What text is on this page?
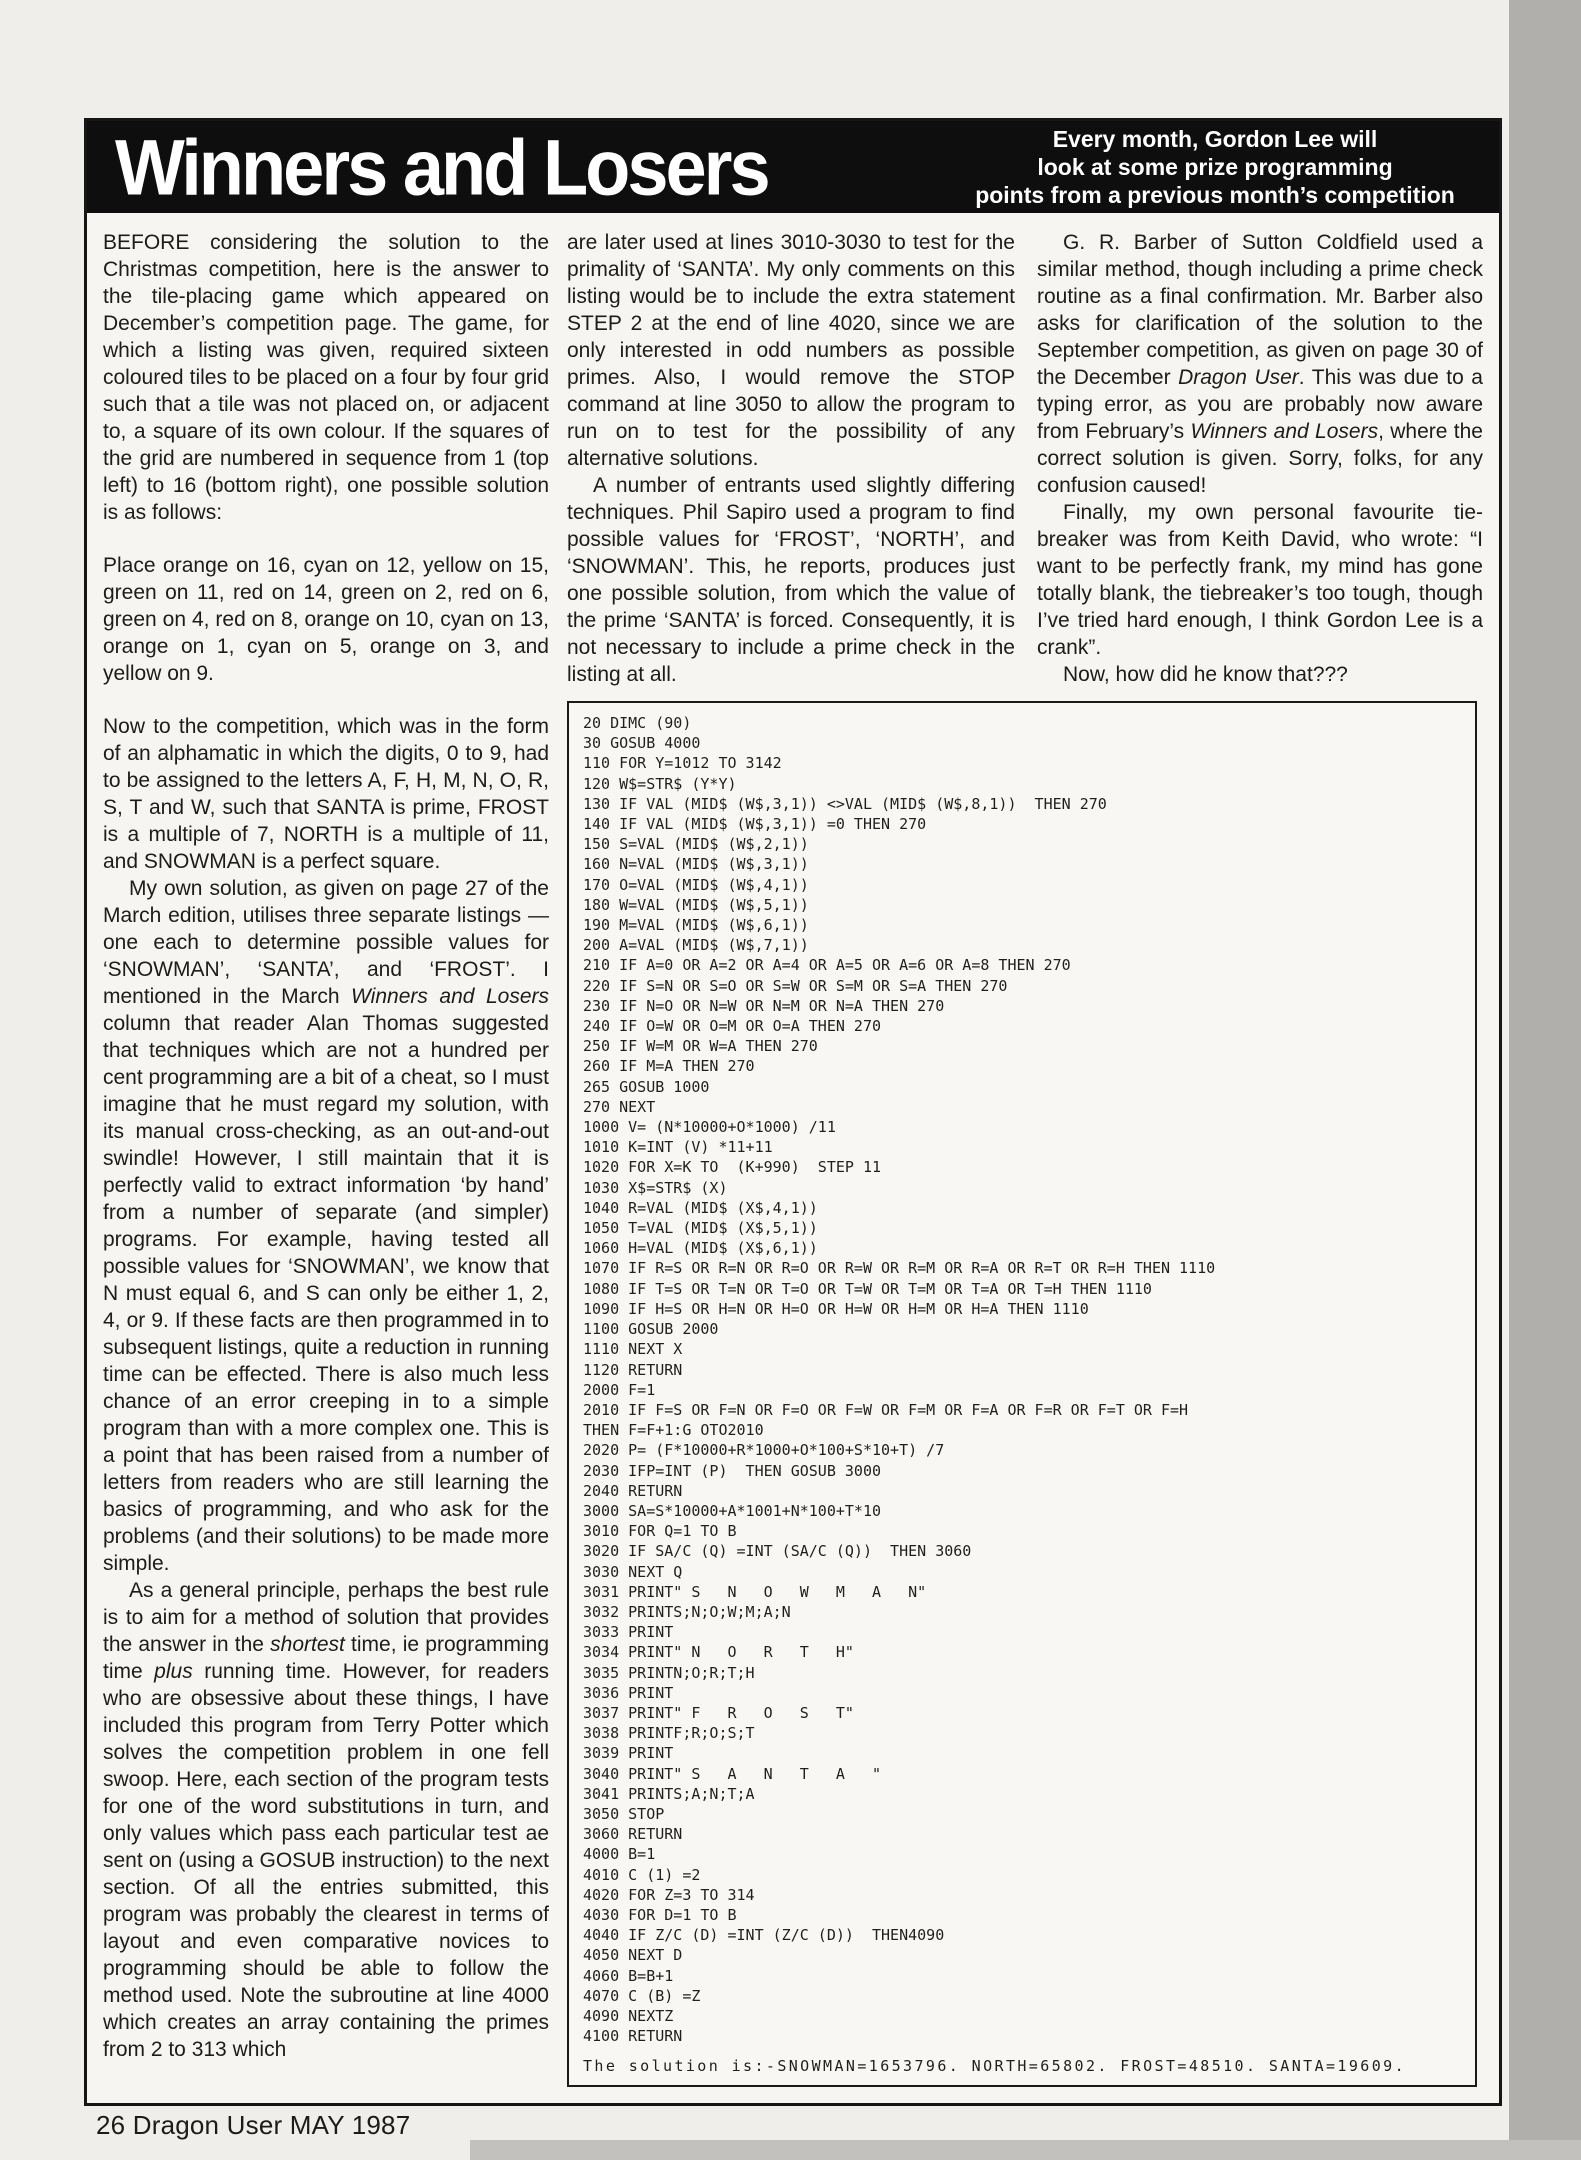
Winners and Losers	Every month, Gordon Lee will
look at some prize programming
points from a previous month’s competition

BEFORE considering the solution to the Christmas competition, here is the answer to the tile-placing game which appeared on December’s competition page. The game, for which a listing was given, required sixteen coloured tiles to be placed on a four by four grid such that a tile was not placed on, or adjacent to, a square of its own colour. If the squares of the grid are numbered in sequence from 1 (top left) to 16 (bottom right), one possible solution is as follows:

Place orange on 16, cyan on 12, yellow on 15, green on 11, red on 14, green on 2, red on 6, green on 4, red on 8, orange on 10, cyan on 13, orange on 1, cyan on 5, orange on 3, and yellow on 9.

Now to the competition, which was in the form of an alphamatic in which the digits, 0 to 9, had to be assigned to the letters A, F, H, M, N, O, R, S, T and W, such that SANTA is prime, FROST is a multiple of 7, NORTH is a multiple of 11, and SNOWMAN is a perfect square.

My own solution, as given on page 27 of the March edition, utilises three separate listings — one each to determine possible values for ‘SNOWMAN’, ‘SANTA’, and ‘FROST’. I mentioned in the March Winners and Losers column that reader Alan Thomas suggested that techniques which are not a hundred per cent programming are a bit of a cheat, so I must imagine that he must regard my solution, with its manual cross-checking, as an out-and-out swindle! However, I still maintain that it is perfectly valid to extract information ‘by hand’ from a number of separate (and simpler) programs. For example, having tested all possible values for ‘SNOWMAN’, we know that N must equal 6, and S can only be either 1, 2, 4, or 9. If these facts are then programmed in to subsequent listings, quite a reduction in running time can be effected. There is also much less chance of an error creeping in to a simple program than with a more complex one. This is a point that has been raised from a number of letters from readers who are still learning the basics of programming, and who ask for the problems (and their solutions) to be made more simple.

As a general principle, perhaps the best rule is to aim for a method of solution that provides the answer in the shortest time, ie programming time plus running time. However, for readers who are obsessive about these things, I have included this program from Terry Potter which solves the competition problem in one fell swoop. Here, each section of the program tests for one of the word substitutions in turn, and only values which pass each particular test ae sent on (using a GOSUB instruction) to the next section. Of all the entries submitted, this program was probably the clearest in terms of layout and even comparative novices to programming should be able to follow the method used. Note the subroutine at line 4000 which creates an array containing the primes from 2 to 313 which

are later used at lines 3010-3030 to test for the primality of ‘SANTA’. My only comments on this listing would be to include the extra statement STEP 2 at the end of line 4020, since we are only interested in odd numbers as possible primes. Also, I would remove the STOP command at line 3050 to allow the program to run on to test for the possibility of any alternative solutions.

A number of entrants used slightly differing techniques. Phil Sapiro used a program to find possible values for ‘FROST’, ‘NORTH’, and ‘SNOWMAN’. This, he reports, produces just one possible solution, from which the value of the prime ‘SANTA’ is forced. Consequently, it is not necessary to include a prime check in the listing at all.

G. R. Barber of Sutton Coldfield used a similar method, though including a prime check routine as a final confirmation. Mr. Barber also asks for clarification of the solution to the September competition, as given on page 30 of the December Dragon User. This was due to a typing error, as you are probably now aware from February’s Winners and Losers, where the correct solution is given. Sorry, folks, for any confusion caused!

Finally, my own personal favourite tie-breaker was from Keith David, who wrote: “I want to be perfectly frank, my mind has gone totally blank, the tiebreaker’s too tough, though I’ve tried hard enough, I think Gordon Lee is a crank”.

Now, how did he know that???

20 DIMC (90)
30 GOSUB 4000
110 FOR Y=1012 TO 3142
120 W$=STR$ (Y*Y)
130 IF VAL (MID$ (W$,3,1)) <>VAL (MID$ (W$,8,1))  THEN 270
140 IF VAL (MID$ (W$,3,1)) =0 THEN 270
150 S=VAL (MID$ (W$,2,1))
160 N=VAL (MID$ (W$,3,1))
170 O=VAL (MID$ (W$,4,1))
180 W=VAL (MID$ (W$,5,1))
190 M=VAL (MID$ (W$,6,1))
200 A=VAL (MID$ (W$,7,1))
210 IF A=0 OR A=2 OR A=4 OR A=5 OR A=6 OR A=8 THEN 270
220 IF S=N OR S=O OR S=W OR S=M OR S=A THEN 270
230 IF N=O OR N=W OR N=M OR N=A THEN 270
240 IF O=W OR O=M OR O=A THEN 270
250 IF W=M OR W=A THEN 270
260 IF M=A THEN 270
265 GOSUB 1000
270 NEXT
1000 V= (N*10000+O*1000) /11
1010 K=INT (V) *11+11
1020 FOR X=K TO  (K+990)  STEP 11
1030 X$=STR$ (X)
1040 R=VAL (MID$ (X$,4,1))
1050 T=VAL (MID$ (X$,5,1))
1060 H=VAL (MID$ (X$,6,1))
1070 IF R=S OR R=N OR R=O OR R=W OR R=M OR R=A OR R=T OR R=H THEN 1110
1080 IF T=S OR T=N OR T=O OR T=W OR T=M OR T=A OR T=H THEN 1110
1090 IF H=S OR H=N OR H=O OR H=W OR H=M OR H=A THEN 1110
1100 GOSUB 2000
1110 NEXT X
1120 RETURN
2000 F=1
2010 IF F=S OR F=N OR F=O OR F=W OR F=M OR F=A OR F=R OR F=T OR F=H
THEN F=F+1:G OTO2010
2020 P= (F*10000+R*1000+O*100+S*10+T) /7
2030 IFP=INT (P)  THEN GOSUB 3000
2040 RETURN
3000 SA=S*10000+A*1001+N*100+T*10
3010 FOR Q=1 TO B
3020 IF SA/C (Q) =INT (SA/C (Q))  THEN 3060
3030 NEXT Q
3031 PRINT" S   N   O   W   M   A   N"
3032 PRINTS;N;O;W;M;A;N
3033 PRINT
3034 PRINT" N   O   R   T   H"
3035 PRINTN;O;R;T;H
3036 PRINT
3037 PRINT" F   R   O   S   T"
3038 PRINTF;R;O;S;T
3039 PRINT
3040 PRINT" S   A   N   T   A   "
3041 PRINTS;A;N;T;A
3050 STOP
3060 RETURN
4000 B=1
4010 C (1) =2
4020 FOR Z=3 TO 314
4030 FOR D=1 TO B
4040 IF Z/C (D) =INT (Z/C (D))  THEN4090
4050 NEXT D
4060 B=B+1
4070 C (B) =Z
4090 NEXTZ
4100 RETURN
The solution is:-SNOWMAN=1653796. NORTH=65802. FROST=48510. SANTA=19609.
26 Dragon User MAY 1987
